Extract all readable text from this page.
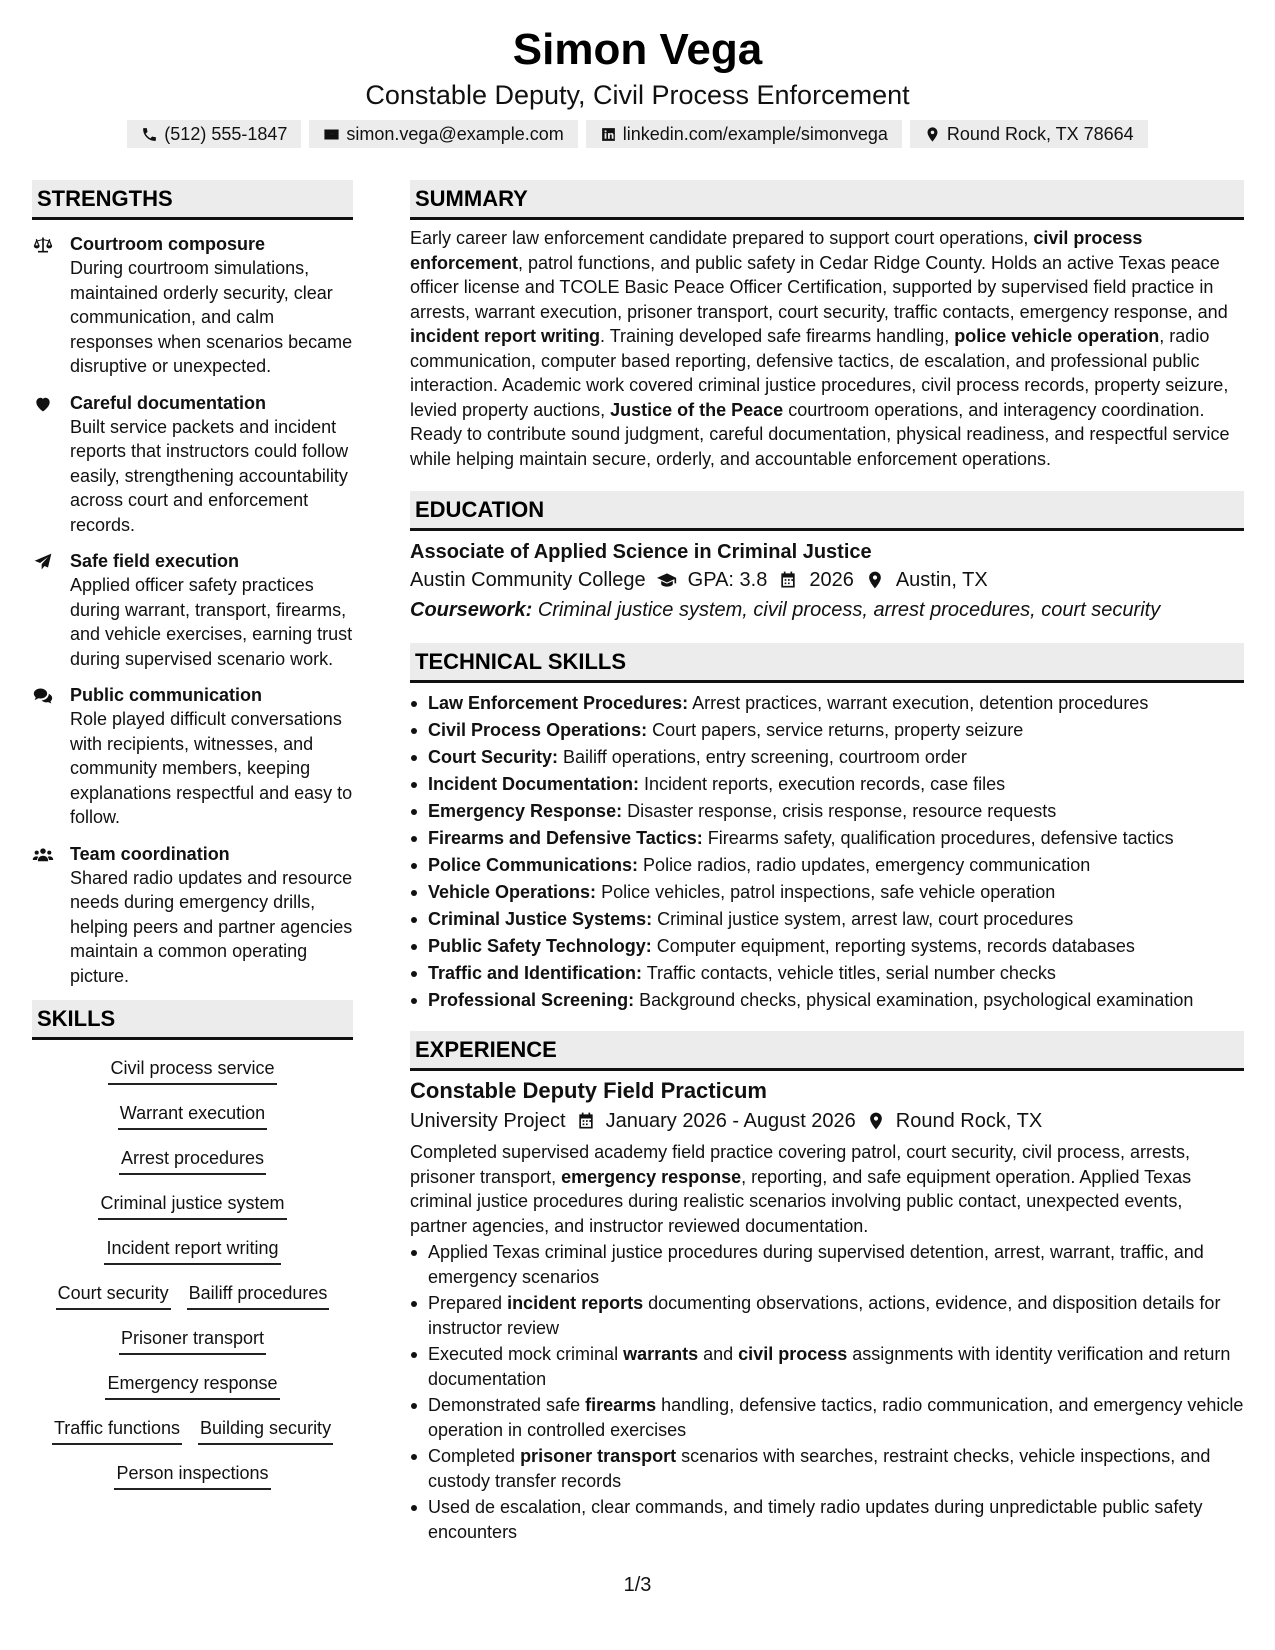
Simon Vega
Constable Deputy, Civil Process Enforcement
(512) 555-1847	simon.vega@example.com	linkedin.com/example/simonvega	Round Rock, TX 78664
STRENGTHS
Courtroom composure
During courtroom simulations, maintained orderly security, clear communication, and calm responses when scenarios became disruptive or unexpected.
Careful documentation
Built service packets and incident reports that instructors could follow easily, strengthening accountability across court and enforcement records.
Safe field execution
Applied officer safety practices during warrant, transport, firearms, and vehicle exercises, earning trust during supervised scenario work.
Public communication
Role played difficult conversations with recipients, witnesses, and community members, keeping explanations respectful and easy to follow.
Team coordination
Shared radio updates and resource needs during emergency drills, helping peers and partner agencies maintain a common operating picture.
SKILLS
Civil process service
Warrant execution
Arrest procedures
Criminal justice system
Incident report writing
Court security Bailiff procedures
Prisoner transport
Emergency response
Traffic functions Building security
Person inspections
SUMMARY
Early career law enforcement candidate prepared to support court operations, civil process enforcement, patrol functions, and public safety in Cedar Ridge County. Holds an active Texas peace officer license and TCOLE Basic Peace Officer Certification, supported by supervised field practice in arrests, warrant execution, prisoner transport, court security, traffic contacts, emergency response, and incident report writing. Training developed safe firearms handling, police vehicle operation, radio communication, computer based reporting, defensive tactics, de escalation, and professional public interaction. Academic work covered criminal justice procedures, civil process records, property seizure, levied property auctions, Justice of the Peace courtroom operations, and interagency coordination. Ready to contribute sound judgment, careful documentation, physical readiness, and respectful service while helping maintain secure, orderly, and accountable enforcement operations.
EDUCATION
Associate of Applied Science in Criminal Justice
Austin Community College GPA: 3.8 2026 Austin, TX
Coursework: Criminal justice system, civil process, arrest procedures, court security
TECHNICAL SKILLS
Law Enforcement Procedures: Arrest practices, warrant execution, detention procedures
Civil Process Operations: Court papers, service returns, property seizure
Court Security: Bailiff operations, entry screening, courtroom order
Incident Documentation: Incident reports, execution records, case files
Emergency Response: Disaster response, crisis response, resource requests
Firearms and Defensive Tactics: Firearms safety, qualification procedures, defensive tactics
Police Communications: Police radios, radio updates, emergency communication
Vehicle Operations: Police vehicles, patrol inspections, safe vehicle operation
Criminal Justice Systems: Criminal justice system, arrest law, court procedures
Public Safety Technology: Computer equipment, reporting systems, records databases
Traffic and Identification: Traffic contacts, vehicle titles, serial number checks
Professional Screening: Background checks, physical examination, psychological examination
EXPERIENCE
Constable Deputy Field Practicum
University Project January 2026 - August 2026 Round Rock, TX
Completed supervised academy field practice covering patrol, court security, civil process, arrests, prisoner transport, emergency response, reporting, and safe equipment operation. Applied Texas criminal justice procedures during realistic scenarios involving public contact, unexpected events, partner agencies, and instructor reviewed documentation.
Applied Texas criminal justice procedures during supervised detention, arrest, warrant, traffic, and emergency scenarios
Prepared incident reports documenting observations, actions, evidence, and disposition details for instructor review
Executed mock criminal warrants and civil process assignments with identity verification and return documentation
Demonstrated safe firearms handling, defensive tactics, radio communication, and emergency vehicle operation in controlled exercises
Completed prisoner transport scenarios with searches, restraint checks, vehicle inspections, and custody transfer records
Used de escalation, clear commands, and timely radio updates during unpredictable public safety encounters
1/3
